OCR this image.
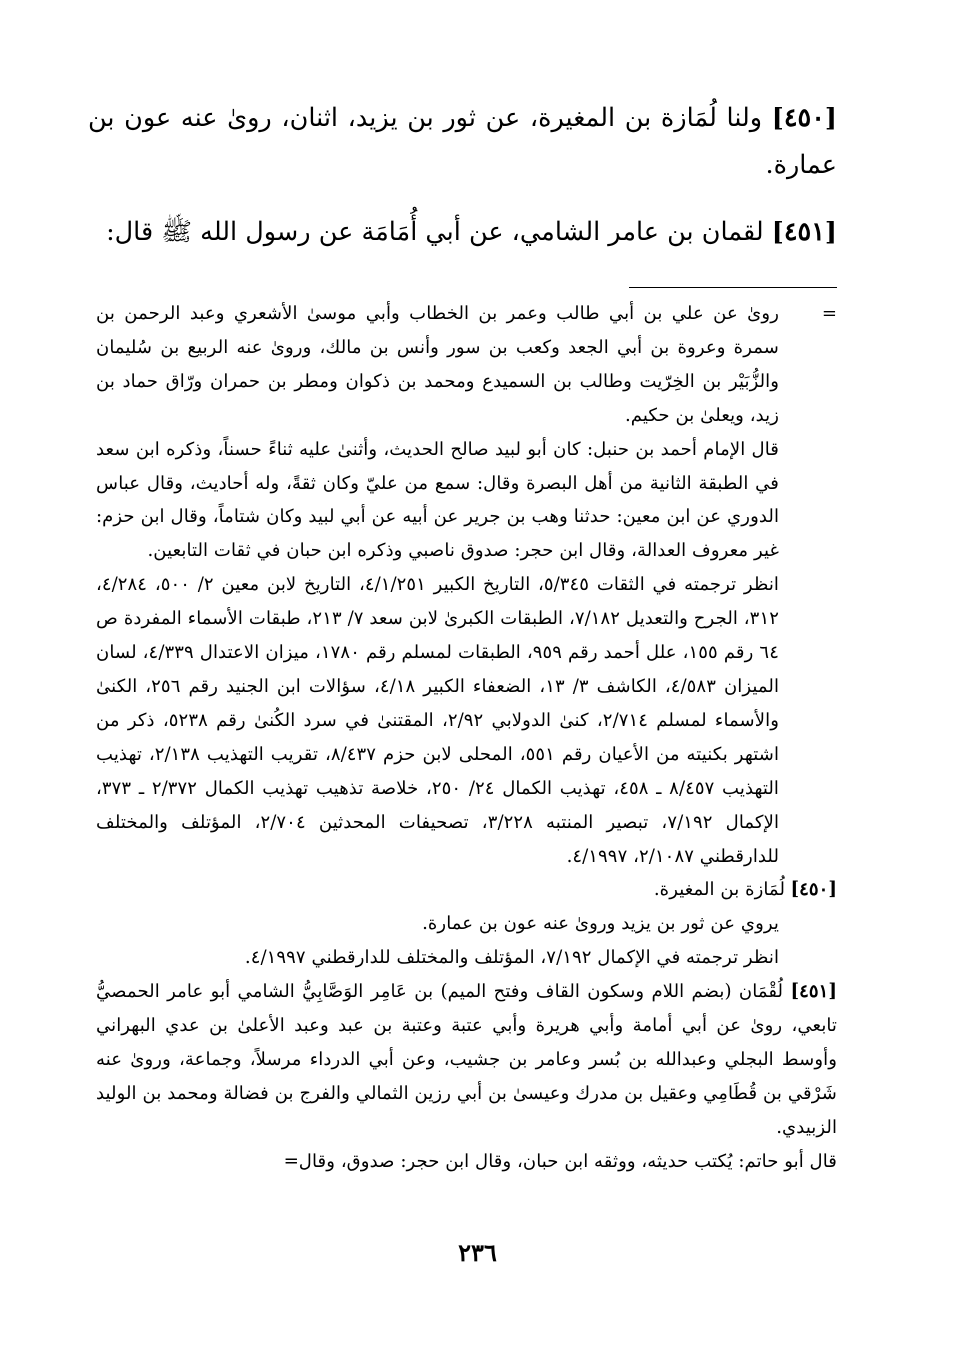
[٤٥٠] ولنا لُمَازة بن المغيرة، عن ثور بن يزيد، اثنان، روىٰ عنه عون بن عمارة.

[٤٥١] لقمان بن عامر الشامي، عن أبي أُمَامَة عن رسول الله ﷺ قال:

=

روىٰ عن علي بن أبي طالب وعمر بن الخطاب وأبي موسىٰ الأشعري وعبد الرحمن بن سمرة وعروة بن أبي الجعد وكعب بن سور وأنس بن مالك، وروىٰ عنه الربيع بن سُليمان والزُّبَيْر بن الخِرّيت وطالب بن السميدع ومحمد بن ذكوان ومطر بن حمران ورّاق حماد بن زيد، ويعلىٰ بن حكيم.

قال الإمام أحمد بن حنبل: كان أبو لبيد صالح الحديث، وأثنىٰ عليه ثناءً حسناً، وذكره ابن سعد في الطبقة الثانية من أهل البصرة وقال: سمع من عليّ وكان ثقةً، وله أحاديث، وقال عباس الدوري عن ابن معين: حدثنا وهب بن جرير عن أبيه عن أبي لبيد وكان شتاماً، وقال ابن حزم: غير معروف العدالة، وقال ابن حجر: صدوق ناصبي وذكره ابن حبان في ثقات التابعين.

انظر ترجمته في الثقات ٥/٣٤٥، التاريخ الكبير ٤/١/٢٥١، التاريخ لابن معين ٢/ ٥٠٠، ٤/٢٨٤، ٣١٢، الجرح والتعديل ٧/١٨٢، الطبقات الكبرىٰ لابن سعد ٧/ ٢١٣، طبقات الأسماء المفردة ص ٦٤ رقم ١٥٥، علل أحمد رقم ٩٥٩، الطبقات لمسلم رقم ١٧٨٠، ميزان الاعتدال ٤/٣٣٩، لسان الميزان ٤/٥٨٣، الكاشف ٣/ ١٣، الضعفاء الكبير ٤/١٨، سؤالات ابن الجنيد رقم ٢٥٦، الكنىٰ والأسماء لمسلم ٢/٧١٤، كنىٰ الدولابي ٢/٩٢، المقتنىٰ في سرد الكُنىٰ رقم ٥٢٣٨، ذكر من اشتهر بكنيته من الأعيان رقم ٥٥١، المحلى لابن حزم ٨/٤٣٧، تقريب التهذيب ٢/١٣٨، تهذيب التهذيب ٨/٤٥٧ ـ ٤٥٨، تهذيب الكمال ٢٤/ ٢٥٠، خلاصة تذهيب تهذيب الكمال ٢/٣٧٢ ـ ٣٧٣، الإكمال ٧/١٩٢، تبصير المنتبه ٣/٢٢٨، تصحيفات المحدثين ٢/٧٠٤، المؤتلف والمختلف للدارقطني ٢/١٠٨٧، ٤/١٩٩٧.

[٤٥٠]لُمَازة بن المغيرة.

يروي عن ثور بن يزيد وروىٰ عنه عون بن عمارة.

انظر ترجمته في الإكمال ٧/١٩٢، المؤتلف والمختلف للدارقطني ٤/١٩٩٧.

[٤٥١] لُقْمَان (بضم اللام وسكون القاف وفتح الميم) بن عَامِر الوَصَّابِيُّ الشامي أبو عامر الحمصيُّ تابعي، روىٰ عن أبي أمامة وأبي هريرة وأبي عتبة وعتبة بن عبد وعبد الأعلىٰ بن عدي البهراني وأوسط البجلي وعبدالله بن بُسر وعامر بن جشيب، وعن أبي الدرداء مرسلاً، وجماعة، وروىٰ عنه شَرْقي بن قُطَامِي وعقيل بن مدرك وعيسىٰ بن أبي رزين الثمالي والفرج بن فضالة ومحمد بن الوليد الزبيدي.

قال أبو حاتم: يُكتب حديثه، ووثقه ابن حبان، وقال ابن حجر: صدوق، وقال=

٢٣٦
